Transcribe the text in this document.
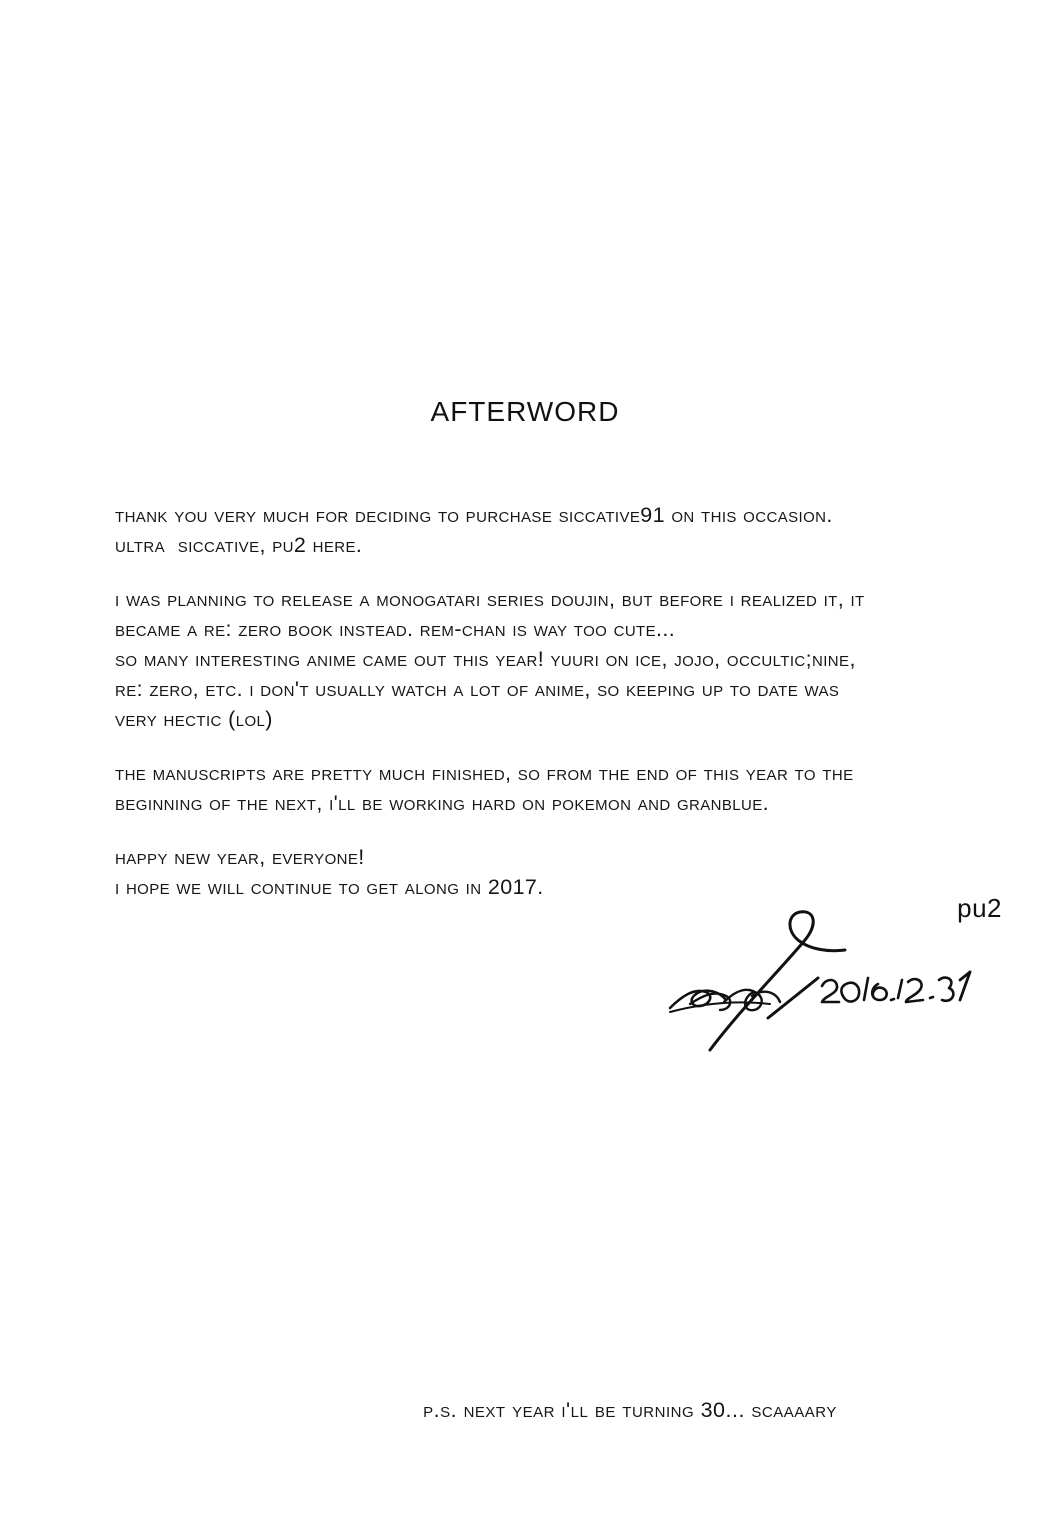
afterword
thank you very much for deciding to purchase siccative91 on this occasion.
ultra  siccative, pu2 here.
i was planning to release a monogatari series doujin, but before i realized it, it
became a re: zero book instead. rem-chan is way too cute...
so many interesting anime came out this year! yuuri on ice, jojo, occultic;nine,
re: zero, etc. i don't usually watch a lot of anime, so keeping up to date was
very hectic (lol)
the manuscripts are pretty much finished, so from the end of this year to the
beginning of the next, i'll be working hard on pokemon and granblue.
happy new year, everyone!
i hope we will continue to get along in 2017.
pu2
p.s. next year i'll be turning 30... scaaaary
